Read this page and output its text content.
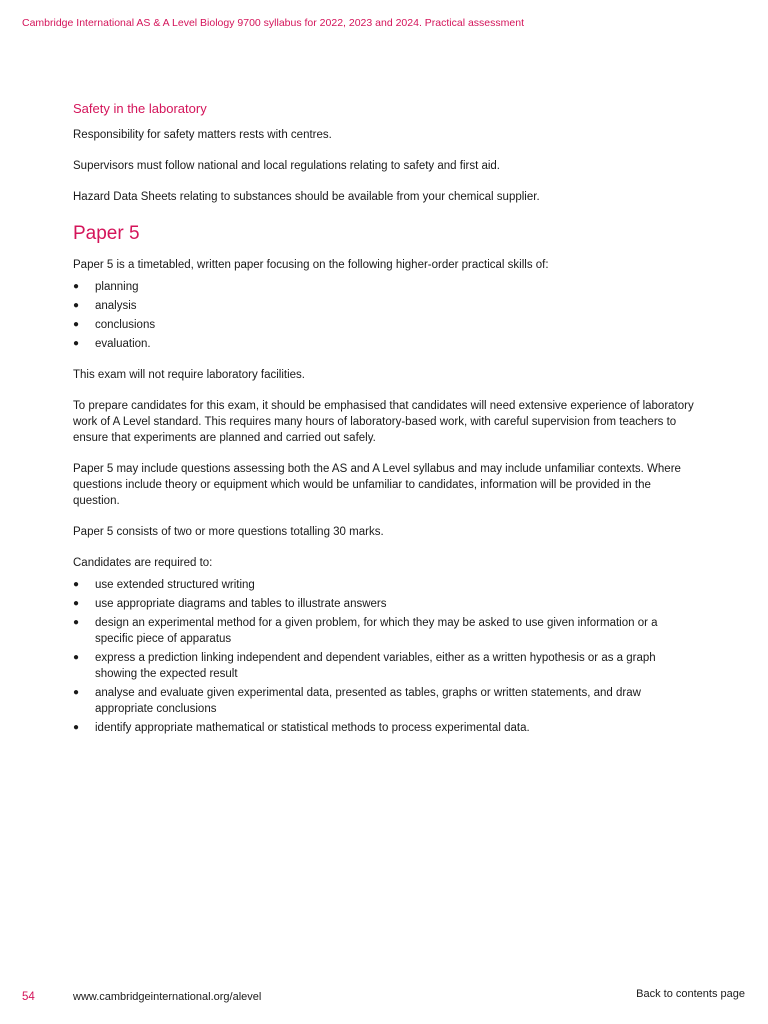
Cambridge International AS & A Level Biology 9700 syllabus for 2022, 2023 and 2024. Practical assessment
Safety in the laboratory

Responsibility for safety matters rests with centres.

Supervisors must follow national and local regulations relating to safety and first aid.

Hazard Data Sheets relating to substances should be available from your chemical supplier.

Paper 5

Paper 5 is a timetabled, written paper focusing on the following higher-order practical skills of:

● planning
● analysis
● conclusions
● evaluation.

This exam will not require laboratory facilities.

To prepare candidates for this exam, it should be emphasised that candidates will need extensive experience of laboratory work of A Level standard. This requires many hours of laboratory-based work, with careful supervision from teachers to ensure that experiments are planned and carried out safely.

Paper 5 may include questions assessing both the AS and A Level syllabus and may include unfamiliar contexts. Where questions include theory or equipment which would be unfamiliar to candidates, information will be provided in the question.

Paper 5 consists of two or more questions totalling 30 marks.

Candidates are required to:

● use extended structured writing
● use appropriate diagrams and tables to illustrate answers
● design an experimental method for a given problem, for which they may be asked to use given information or a specific piece of apparatus
● express a prediction linking independent and dependent variables, either as a written hypothesis or as a graph showing the expected result
● analyse and evaluate given experimental data, presented as tables, graphs or written statements, and draw appropriate conclusions
● identify appropriate mathematical or statistical methods to process experimental data.
54	www.cambridgeinternational.org/alevel	Back to contents page
